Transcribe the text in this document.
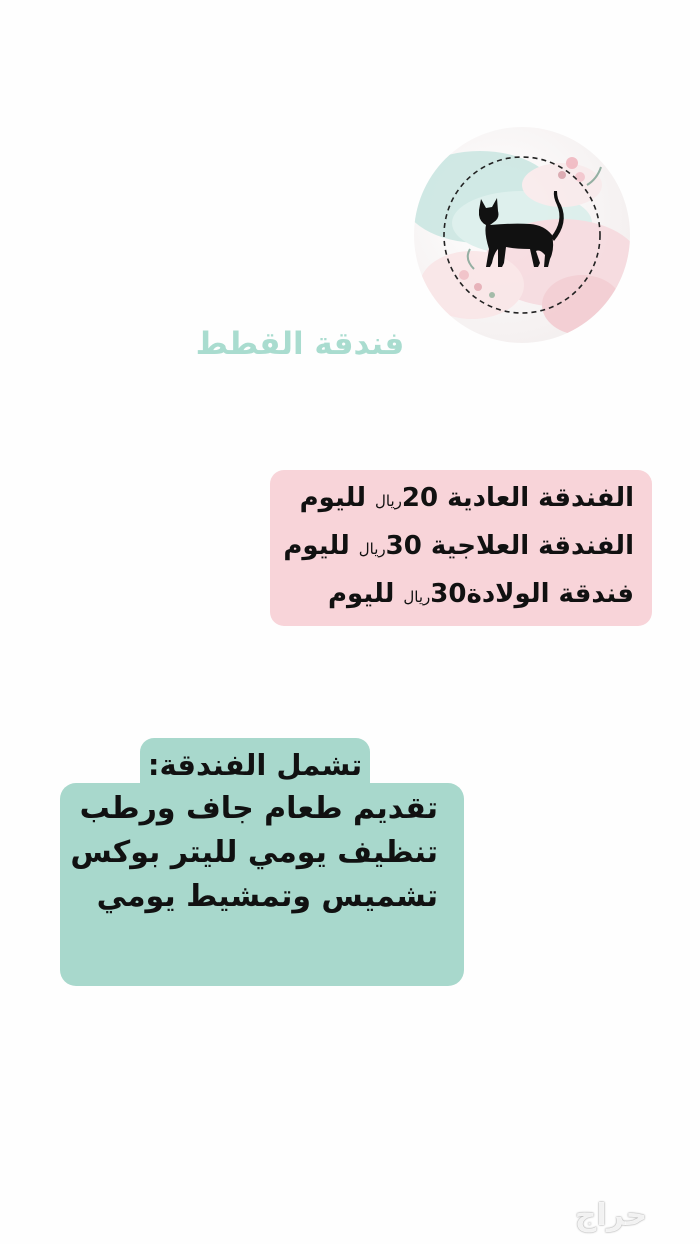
فندقة القطط
الفندقة العادية 20ريال لليوم
الفندقة العلاجية 30ريال لليوم
فندقة الولادة30ريال لليوم
تشمل الفندقة:
تقديم طعام جاف ورطب
تنظيف يومي لليتر بوكس
تشميس وتمشيط يومي
حراج
